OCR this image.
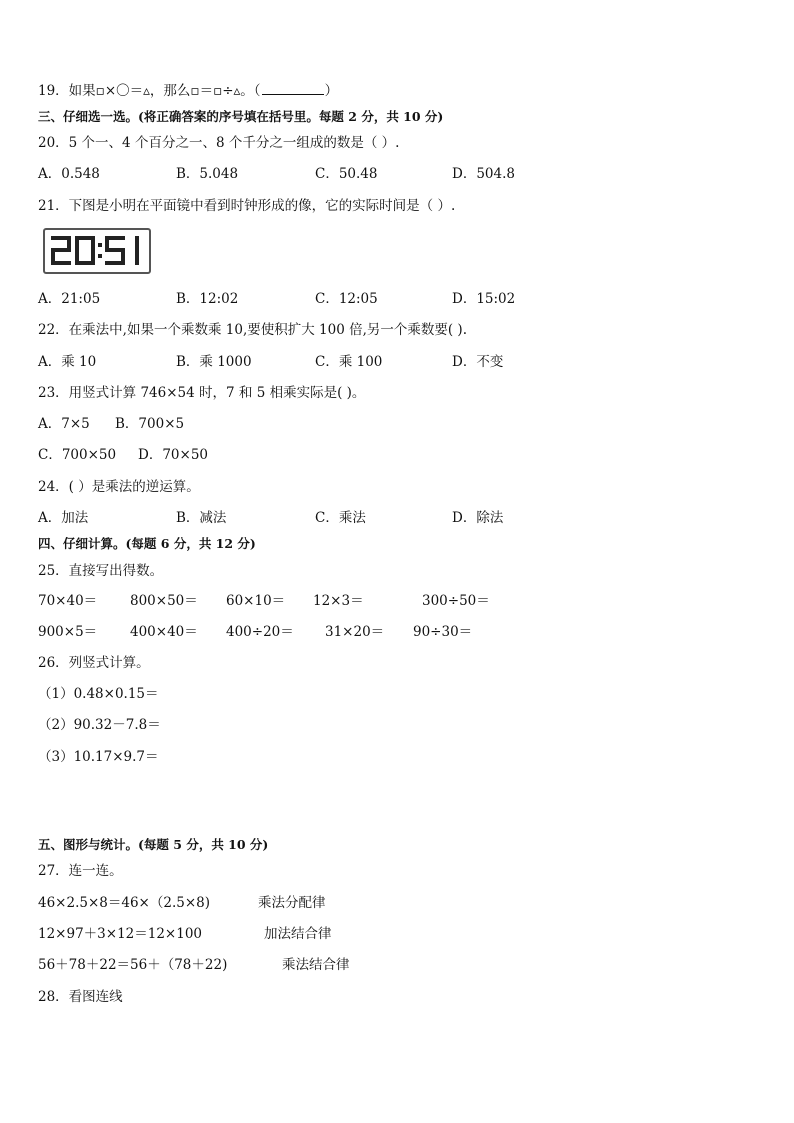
19．如果▫×〇＝▵，那么▫＝▫÷▵。（	）
三、仔细选一选。(将正确答案的序号填在括号里。每题 2 分，共 10 分)
20．5 个一、4 个百分之一、8 个千分之一组成的数是（ ）.
A．0.548	B．5.048	C．50.48	D．504.8
21．下图是小明在平面镜中看到时钟形成的像，它的实际时间是（ ）.
A．21:05	B．12:02	C．12:05	D．15:02
22．在乘法中,如果一个乘数乘 10,要使积扩大 100 倍,另一个乘数要( ).
A．乘 10	B．乘 1000	C．乘 100	D．不变
23．用竖式计算 746×54 时，7 和 5 相乘实际是( )。
A．7×5 B．700×5
C．700×50 D．70×50
24．( ）是乘法的逆运算。
A．加法	B．减法	C．乘法	D．除法
四、仔细计算。(每题 6 分，共 12 分)
25．直接写出得数。
70×40＝ 800×50＝ 60×10＝ 12×3＝	300÷50＝
900×5＝ 400×40＝ 400÷20＝ 31×20＝ 90÷30＝
26．列竖式计算。
（1）0.48×0.15＝
（2）90.32－7.8＝
（3）10.17×9.7＝
五、图形与统计。(每题 5 分，共 10 分)
27．连一连。
46×2.5×8＝46×（2.5×8)	乘法分配律
12×97＋3×12＝12×100	加法结合律
56＋78＋22＝56＋（78＋22)	乘法结合律
28．看图连线
